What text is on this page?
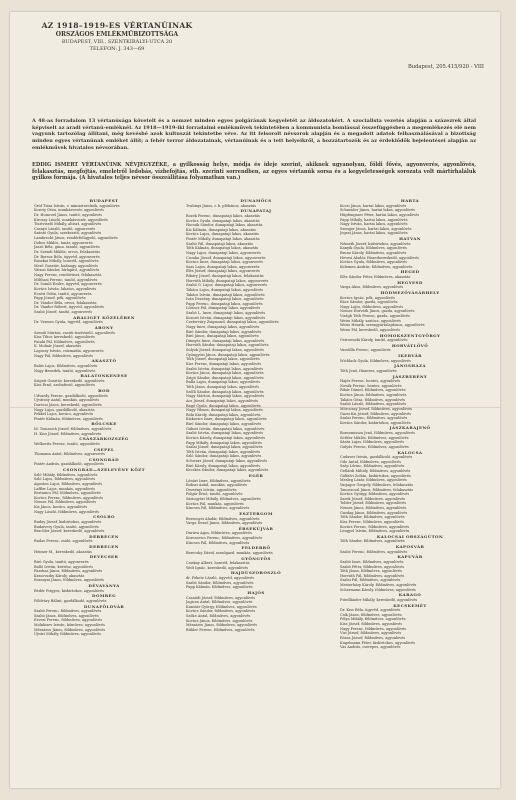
AZ 1918–1919-ES VÉRTANÚINAK
ORSZÁGOS EMLÉKMŰBIZOTTSÁGA
BUDAPEST, VIII., SZENTKIRÁLYI-UTCA 20
TELEFON: J. 343—69
Budapest, 205.415/920 - VIII
A 48-as forradalom 13 vértanúsága követelt és a nemzet minden egyes polgárának kegyeletét az áldozatokért. A szocialista vezetés alapján a százezrek által képviselt az aradi vértanú-emléknél. Az 1918—1919-iki forradalmi emlékművek tekintetében a kommunista bomlással összefüggésben a megemlékezés elé nem vagyunk tartozólag állítani, még kevésbé azok kultuszát tekintetbe véve. Az itt felsorolt névsorok alapján és a megadott adatok felhasználásával a bizottság minden egyes vértanúnak emléket állít; a fehér terror áldozatainak, vértanúinak és a tett helyeikről, a hozzátartozók és az érdeklődők bejelentései alapján az emlékművek hivatalos névsorában.
EDDIG ISMERT VÉRTANÚINK NÉVJEGYZÉKE, a gyilkosság helye, módja és ideje szerint, akiknek ugyanolyan, földi fővés, agyonverés, agyonlövés, felakasztás, megfojtás, emeletről ledobás, vízbefojtás, stb. szerinti sorrendben, az egyes vértanúk sorsa és a kegyeletességek sorozata volt mártírhaláluk gyilkos formája. (A hivatalos teljes névsor összeállítása folyamatban van.)
BUDAPEST
Gróf Tisza István, v. miniszterelnök, agyonlövés
Koroty Géza, munkásvezér, agyonlövés
Dr. Hoinczel János, tanító, agyonlövés
Kircsay László, munkásvezér, agyonlövés
Tisztviselő Mihály, altiszt, agyonlövés
Csanyó László, tanító, agyonverés
Szántó Gyula, szerkesztő, agyonlövés
Lambrecht János, rendőrfelügyelő, agyonlövés
Dobos Miklós, tanár, agyonverés
Jaszó Béla, gimn. tanuló, agyonlövés
Dr. Szendi Miklós, orvos, felakasztás
Dr. Borsos Béla, ügyvéd, agyonverés
Ruszkai Mihály, honvéd, agyonlövés
Merő Gusztáv, hadnagy, agyonlövés
Várnai Sándor, hírlapíró, agyonlövés
Nagy Ferenc, rendőrtiszt, felakasztás
Milthasi Ferenc, tanító, agyonlövés
Dr. Somló Endre, ügyvéd, agyonverés
Kovács István, lakatos, agyonlövés
Ecséri Ödön, tanító, agyonverés
Papp József, pék, agyonlövés
Dr. Vándor Béla, orvos, felakasztás
Dr. Vándor Róbert, ügyvéd, agyonlövés
Szabó József, tanító, agyonverés
ABALIGET KÖZELÉBEN
Dr. Vermes Gyula, ügyvéd, agyonlövés
ABONY
Szendi Márton, vasúti tisztviselő, agyonlövés
Kiss Tibor, kereskedő, agyonlövés
Pataki Pál, földműves, agyonlövés
K. Molnár József, akasztás
Lapossy István, csizmadia, agyonverés
Nagy Pál, földműves, agyonlövés
AKASZTÓ
Balás Lajos, földműves, agyonlövés
Nagy Benedek, tanító, agyonlövés
BALATONKENESE
Szigeti Gusztáv, kereskedő, agyonlövés
Kiss Ernő, szobafestő, agyonlövés
BOD
Udvardy Ferenc, gazdálkodó, agyonlövés
Ujvárosy Antal, munkás, agyonlövés
Darócsi János, kereskedő, agyonlövés
Nagy Lajos, gazdálkodó, akasztás
Pekkel Lajos, kovács, agyonlövés
Pintér Kálmán, földműves, agyonlövés
BÖLCSKE
Id. Tomasich József, földműves, agyonlövés
H. Kiss József, földműves, agyonlövés
CSÁSZÁRKOZSZÉG
Welkovits Ferenc, tanító, agyonlövés
CSEPEL
Thomann Antal, földműves, agyonverés
CSONGRÁD
Pintér András, gazdálkodó, agyonlövés
CSONGRÁD—SZELEVÉNY KÖZT
Szló Mihály, földműves, agyonlövés
Szló Lajos, földműves, agyonlövés
Ágoston Lajos, földműves, agyonlövés
Laffler Lajos, munkás, agyonlövés
Bertanics Pál, földműves, agyonlövés
Kovács Ferenc, földműves, agyonlövés
Nemes Pál, földműves, agyonlövés
Kis János, kovács, agyonlövés
Nagy László, földműves, agyonlövés
CSOLRO
Buday József, kisbirtokos, agyonlövés
Budaivery Gyula, tanító, agyonlövés
Brachler József, kereskedő, agyonlövés
DEBRECEN
Rudas Ferenc, zsidó, agyonlövés
DEBRECEN
Heimer M., kereskedő, akasztás
DEVECSER
Biró Gyula, tanító, agyonverés
Balló István, kertész, agyonlövés
Fazekas János, földműves, agyonlövés
Krasovszky Károly, akasztás
Rozsnyai János, földműves, agyonlövés
DÉVAVÁNYA
Rédér Frigyes, kisbirtokos, agyonlövés
DOMBEG
Fóldváry Bálint, gazdálkodó, agyonlövés
DUNAFÖLDVÁR
Szabó Ferenc, földműves, agyonlövés
Szabó János, földműves, agyonlövés
Ézvezi Ferenc, földműves, agyonlövés
Molnkisev István, kőműves, agyonlövés
Mészáros János, földműves, agyonlövés
Ujvári Mihály, földműves, agyonlövés
DUNAMÖCS
Trubinyi János, r. k. plébános, akasztás
DUNAPATAJ
Bozek Ferenc, dunapataji lakos, akasztás
Kovács Gyula, dunapataji lakos, akasztás
Hocsák Sándor, dunapataji lakos, akasztás
Kis Kálmán, dunapataji lakos, akasztás
Kovács Lajos, dunapataji lakos, akasztás
Pintér Mihály, dunapataji lakos, akasztás
Szabó Pál, dunapataji lakos, akasztás
Tóth Kálmán, dunapataji lakos, akasztás
Nagy Lajos, dunapataji lakos, agyonverés
Csonka József, dunapataji lakos, agyonverés
Kovács Imre, dunapataji lakos, agyonverés
Sass Lajos, dunapataji lakos, agyonverés
Illés József, dunapataji lakos, agyonverés
Ribáry József, dunapataji lakos, felakasztás
Horváth Mihály, dunapataji lakos, agyonverés
Szabó G. Lajos, dunapataji lakos, agyonverés
Takács Lajos, dunapataji lakos, agyonlövés
Takács István, dunapataji lakos, agyonlövés
Iván Dezsény, dunapataji lakos, agyonlövés
Papp Ferenc, dunapataji lakos, agyonlövés
Lőrincz Pál, dunapataji lakos, agyonlövés
Szabó L. Imre, dunapataji lakos, agyonlövés
Kozorit István, dunapataji lakos, agyonlövés
Czeterváry Zsigmond, dunapataji lakos, agyonlövés
Nagy Imre, dunapataji lakos, agyonlövés
Biró Sándor, dunapataji lakos, agyonlövés
Biró János, dunapataji lakos, agyonlövés
Dinnyés Imre, dunapataji lakos, agyonlövés
Horváth Sándor, dunapataji lakos, agyonlövés
Sulyok József, dunapataji lakos, agyonlövés
Gyöngyösi János, dunapataji lakos, agyonlövés
Tóth József, dunapataji lakos, agyonlövés
Kiss Ferenc, dunapataji lakos, agyonlövés
Szabó István, dunapataji lakos, agyonlövés
Kovács János, dunapataji lakos, agyonlövés
Zsigó Sándor, dunapataji lakos, agyonlövés
Bulla Lajos, dunapataji lakos, agyonlövés
Tóth János, dunapataji lakos, agyonlövés
Szőlli Sándor, dunapataji lakos, agyonlövés
Nagy Márton, dunapataji lakos, agyonlövés
Ács József, dunapataji lakos, agyonlövés
Bagó Gyula, dunapataji lakos, agyonlövés
Nagy Vilmos, dunapataji lakos, agyonlövés
Bóla Károly, dunapataji lakos, agyonlövés
Kiskovics Imre, dunapataji lakos, agyonlövés
Biró Sándor, dunapataji lakos, agyonlövés
Gábori István, dunapataji lakos, agyonlövés
Szabó István, dunapataji lakos, agyonlövés
Kovács Károly, dunapataji lakos, agyonlövés
Papp Mihály, dunapataji lakos, agyonlövés
Szalai József, dunapataji lakos, agyonlövés
Tóth István, dunapataji lakos, agyonlövés
Szló Sándor, dunapataji lakos, agyonlövés
Schwarz József, dunapataji lakos, agyonlövés
Biró Károly, dunapataji lakos, agyonlövés
Kecskés Sándor, dunapataji lakos, agyonlövés
EGER
Lénárt Imre, földműves, agyonlövés
Rokszi Antal, munkás, agyonlövés
Dezsényi István, agyonlövés
Polgár Ernő, tanító, agyonlövés
Sáriogyöri Mihály, földműves, agyonlövés
Kovács Pál, munkás, agyonlövés
Kincses Pál, földműves, agyonlövés
ESZTERGOM
Berzenyei Aladár, földműves, agyonlövés
Varga Dezső János, földműves, agyonlövés
ÉRSEKÚJVÁR
Duráva Ágos, földműves, agyonlövés
Korenovics Ferenc, földműves, agyonlövés
Kincses Pál, földműves, agyonlövés
FELDEBRŐ
Berecsky Dávid, mezőgazd. munkás, agyonlövés
GYÖNGYÖS
Csiskay Albert, honvéd, felakasztás
Welt Ignác, kereskedő, agyonlövés
HAJDÚSZOBOSZLÓ
dr. Fekete László, ügyvéd, agyonlövés
Szabó Sándor, földműves, agyonlövés
Papp Kálmán, földműves, agyonlövés
HAJÓS
Csanádi József, földműves, agyonlövés
Jagicza Antal, földműves, agyonlövés
Kunstár György, földműves, agyonlövés
Kovács Sándor, földműves, agyonlövés
Szőke Antal, földműves, agyonlövés
Kovács János, földműves, agyonlövés
Mészáros János, földműves, agyonlövés
Bühler Ferenc, földműves, agyonlövés
HARTA
Kocsi János, hartai lakos, agyonlövés
Schneider János, hartai lakos, agyonlövés
Hüpfengszer Péter, hartai lakos, agyonlövés
Papp Mihály, hartai lakos, agyonlövés
Nagy István, hartai lakos, agyonlövés
Szenger János, hartai lakos, agyonlövés
Jegesi János, hartai lakos, agyonlövés
HATVAN
Németh József, kisbirtokos, agyonlövés
Kanyik Gyula, földműves, agyonlövés
Bruno Károly, földműves, agyonlövés
Hevesi Aladár, fűszerkereskedő, agyonlövés
Kovács Gyula, földműves, agyonlövés
Kelemen András, földműves, agyonlövés
HEGED
Illés Sándor Péter, földműves, akasztás
HEGYESD
Varga Ákos, földműves, agyonlövés
HÓDMEZŐVÁSÁRHELY
Kovács Ignác, pék, agyonlövés
Rácz Sándor, gazda, agyonlövés
Nagy Lajos, földműves, agyonlövés
Nemes Horváth János, gazda, agyonlövés
Virágh Tóth Ferenc, gazda, agyonlövés
Weiss Mihály, szatócs, agyonlövés
Weiss Henrik, szeszgyártulajdonos, agyonlövés
Weiss Pál, kereskedő, agyonlövés
HOMOKSZENTGYÖRGY
Ostrowszki Károly, tanító, agyonlövés
HORVÁTLÖVŐ
Vasstilla Ferenc, agyonlövés
IKERVÁR
Wichlack Gyula, földműves, agyonlövés
JÁNOSHÁZA
Tóth Jenő, fűszeres, agyonlövés
JÁSZBERÉNY
Hajós Ferenc, hentes, agyonlövés
Novák Ferenc, hentes, agyonlövés
Ribár Dániel, földműves, agyonlövés
Kovács János, földműves, agyonlövés
Takács Géza, földműves, agyonlövés
Szabó László, földműves, agyonlövés
Mórocsay József, földműves, agyonlövés
Gazsi Kis József, földműves, agyonlövés
Szalai Ferenc, földműves, agyonlövés
Kovács Sándor, kisbirtokos, agyonlövés
JÁSZKARAJENŐ
Bornemissza Jenő, földműves, agyonlövés
Sóttfer Miklós, földműves, agyonlövés
Sánta Lajos, földműves, agyonlövés
Gulyás Ferenc, földműves, agyonlövés
KALOCSA
Cudaver István, gazdálkodó, agyonlövés
Ódo Antal, földműves, agyonlövés
Szép Lőrinc, földműves, agyonlövés
Gellárdi Mihály, földműves, agyonlövés
Gálfalvi Zoltán, kisbirtokos, agyonlövés
Mesleg Lázár, földműves, agyonlövés
Varjagor Gergely, földműves, felakasztás
Tanoszcsal János, földműves, felakasztás
Kovács György, földműves, agyonlövés
Sarok József, földműves, agyonlövés
Tobler József, földműves, agyonlövés
Nemes János, földműves, agyonlövés
Gazdag János, földműves, agyonlövés
Tóth Sándor, földműves, agyonlövés
Kiss Ferenc, földműves, agyonlövés
Kovács Ferenc, földműves, agyonlövés
Lengyel István, földműves, agyonlövés
KALOCSAI ORSZÁGÚTON
Tóth Sándor, földműves, agyonlövés
KAPOSVÁR
Szabó Ferenc, földműves, agyonlövés
KAPUVÁR
Szabó Imre, földműves, agyonlövés
Szabó Péter, földműves, agyonlövés
Tóth János, földműves, agyonlövés
Horváth Pál, földműves, agyonlövés
Szalai Pál, földműves, agyonlövés
Mesterházy Károly, földműves, agyonlövés
Schermann Károly, földműves, agyonlövés
KARAGO
Friedländer Mihály, kereskedő, agyonlövés
KECSKEMÉT
Dr. Kiss Béla, ügyvéd, agyonlövés
Csík János, földműves, agyonlövés
Pólya Mihály, földműves, agyonlövés
Kiss József, földműves, agyonlövés
Nagy Ferenc, földműves, agyonlövés
Vizi József, földműves, agyonlövés
Rózsa József, földműves, agyonlövés
Kugelmann Péter, kisbirtokos, agyonlövés
Vas András, cserepes, agyonlövés
